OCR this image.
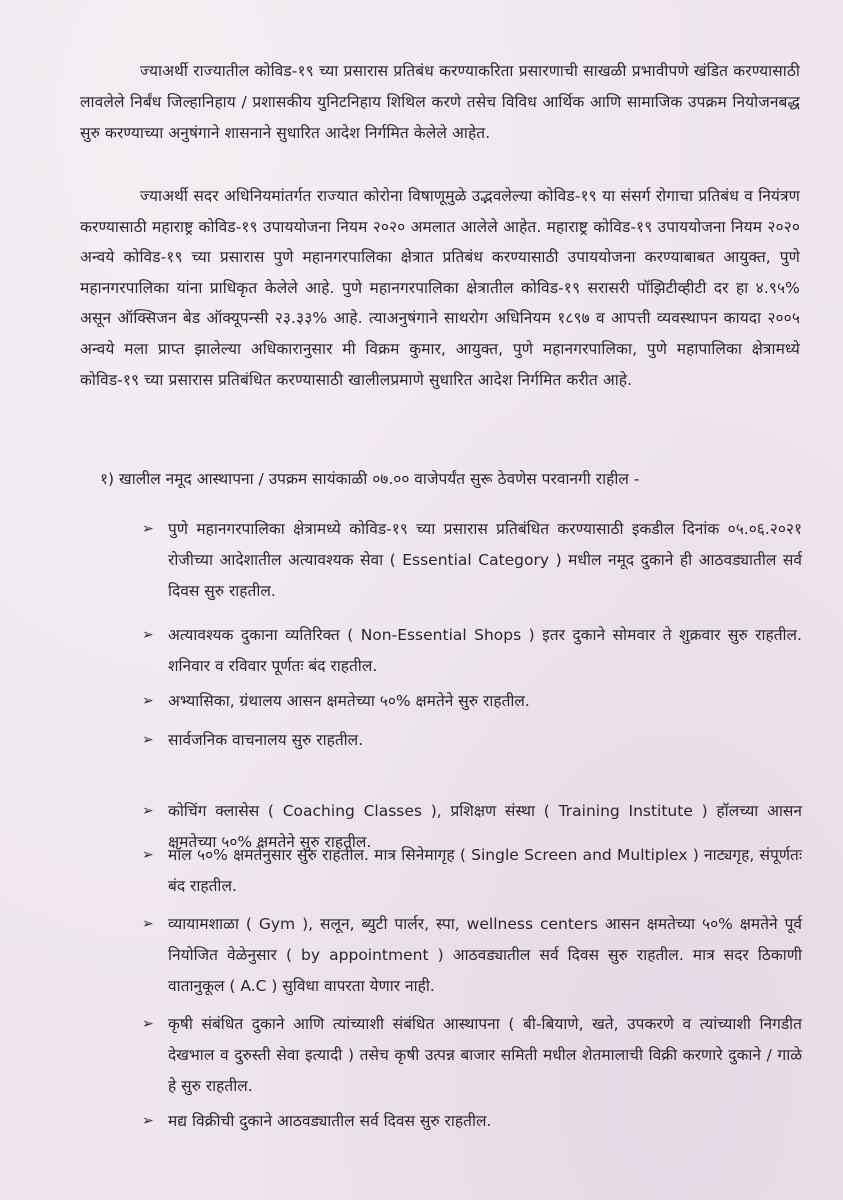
ज्याअर्थी राज्यातील कोविड-१९ च्या प्रसारास प्रतिबंध करण्याकरिता प्रसारणाची साखळी प्रभावीपणे खंडित करण्यासाठी लावलेले निर्बंध जिल्हानिहाय / प्रशासकीय युनिटनिहाय शिथिल करणे तसेच विविध आर्थिक आणि सामाजिक उपक्रम नियोजनबद्ध सुरु करण्याच्या अनुषंगाने शासनाने सुधारित आदेश निर्गमित केलेले आहेत.
ज्याअर्थी सदर अधिनियमांतर्गत राज्यात कोरोना विषाणूमुळे उद्भवलेल्या कोविड-१९ या संसर्ग रोगाचा प्रतिबंध व नियंत्रण करण्यासाठी महाराष्ट्र कोविड-१९ उपाययोजना नियम २०२० अमलात आलेले आहेत. महाराष्ट्र कोविड-१९ उपाययोजना नियम २०२० अन्वये कोविड-१९ च्या प्रसारास पुणे महानगरपालिका क्षेत्रात प्रतिबंध करण्यासाठी उपाययोजना करण्याबाबत आयुक्त, पुणे महानगरपालिका यांना प्राधिकृत केलेले आहे. पुणे महानगरपालिका क्षेत्रातील कोविड-१९ सरासरी पॉझिटीव्हीटी दर हा ४.९५% असून ऑक्सिजन बेड ऑक्यूपन्सी २३.३३% आहे. त्याअनुषंगाने साथरोग अधिनियम १८९७ व आपत्ती व्यवस्थापन कायदा २००५ अन्वये मला प्राप्त झालेल्या अधिकारानुसार मी विक्रम कुमार, आयुक्त, पुणे महानगरपालिका, पुणे महापालिका क्षेत्रामध्ये कोविड-१९ च्या प्रसारास प्रतिबंधित करण्यासाठी खालीलप्रमाणे सुधारित आदेश निर्गमित करीत आहे.
१) खालील नमूद आस्थापना / उपक्रम सायंकाळी ०७.०० वाजेपर्यंत सुरू ठेवणेस परवानगी राहील -
➢ पुणे महानगरपालिका क्षेत्रामध्ये कोविड-१९ च्या प्रसारास प्रतिबंधित करण्यासाठी इकडील दिनांक ०५.०६.२०२१ रोजीच्या आदेशातील अत्यावश्यक सेवा ( Essential Category ) मधील नमूद दुकाने ही आठवड्यातील सर्व दिवस सुरु राहतील.
➢ अत्यावश्यक दुकाना व्यतिरिक्त ( Non-Essential Shops ) इतर दुकाने सोमवार ते शुक्रवार सुरु राहतील. शनिवार व रविवार पूर्णतः बंद राहतील.
➢ अभ्यासिका, ग्रंथालय आसन क्षमतेच्या ५०% क्षमतेने सुरु राहतील.
➢ सार्वजनिक वाचनालय सुरु राहतील.
➢ कोचिंग क्लासेस ( Coaching Classes ), प्रशिक्षण संस्था ( Training Institute ) हॉलच्या आसन क्षमतेच्या ५०% क्षमतेने सुरु राहतील.
➢ मॉल ५०% क्षमतेनुसार सुरु राहतील. मात्र सिनेमागृह ( Single Screen and Multiplex ) नाट्यगृह, संपूर्णतः बंद राहतील.
➢ व्यायामशाळा ( Gym ), सलून, ब्युटी पार्लर, स्पा, wellness centers आसन क्षमतेच्या ५०% क्षमतेने पूर्व नियोजित वेळेनुसार ( by appointment ) आठवड्यातील सर्व दिवस सुरु राहतील. मात्र सदर ठिकाणी वातानुकूल ( A.C ) सुविधा वापरता येणार नाही.
➢ कृषी संबंधित दुकाने आणि त्यांच्याशी संबंधित आस्थापना ( बी-बियाणे, खते, उपकरणे व त्यांच्याशी निगडीत देखभाल व दुरुस्ती सेवा इत्यादी ) तसेच कृषी उत्पन्न बाजार समिती मधील शेतमालाची विक्री करणारे दुकाने / गाळे हे सुरु राहतील.
➢ मद्य विक्रीची दुकाने आठवड्यातील सर्व दिवस सुरु राहतील.
